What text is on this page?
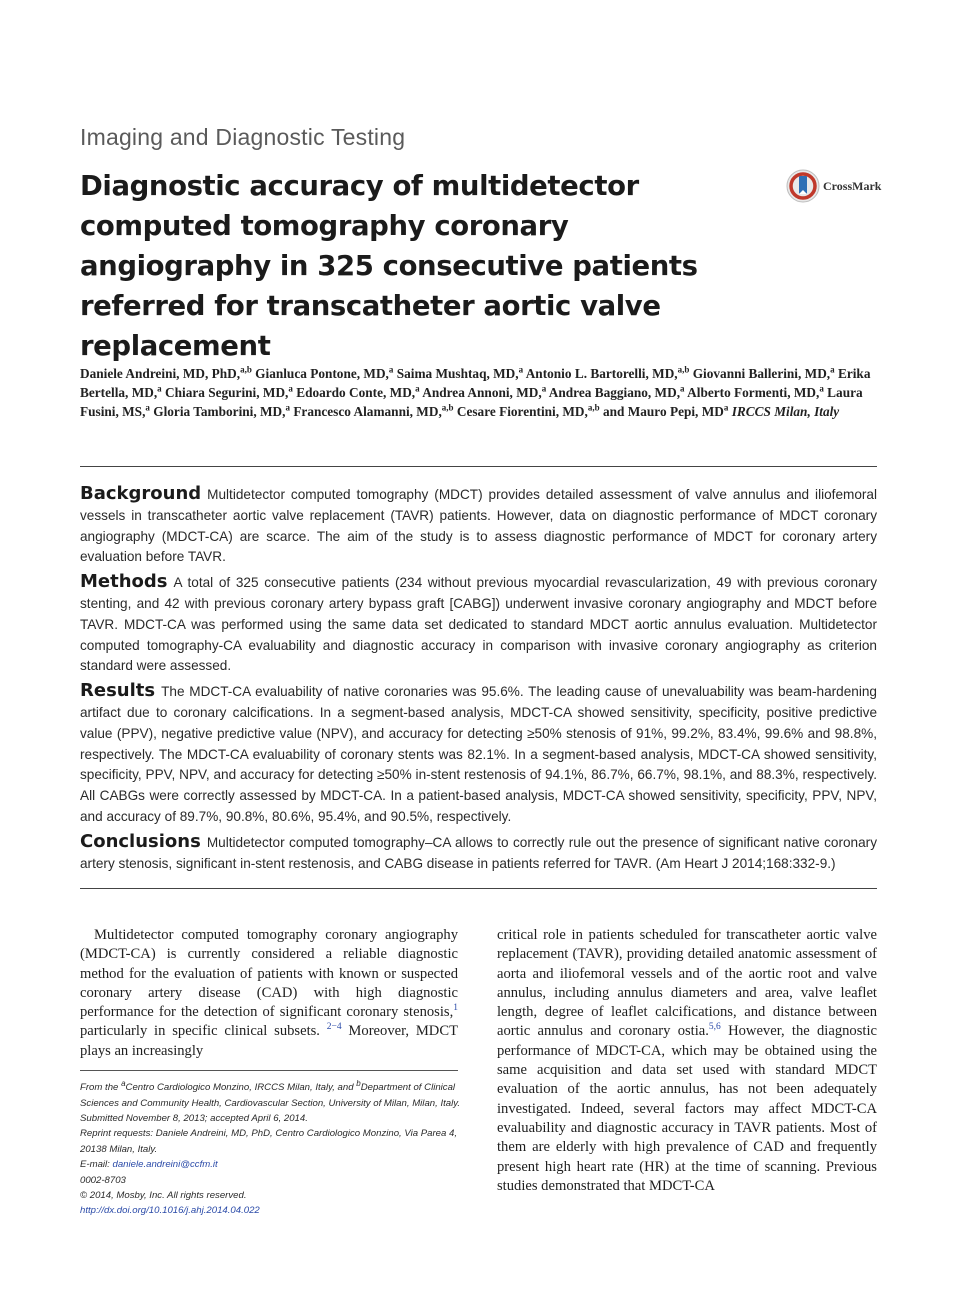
Imaging and Diagnostic Testing
Diagnostic accuracy of multidetector computed tomography coronary angiography in 325 consecutive patients referred for transcatheter aortic valve replacement
CrossMark
Daniele Andreini, MD, PhD,$^{a,b}$ Gianluca Pontone, MD,$^a$ Saima Mushtaq, MD,$^a$ Antonio L. Bartorelli, MD,$^{a,b}$ Giovanni Ballerini, MD,$^a$ Erika Bertella, MD,$^a$ Chiara Segurini, MD,$^a$ Edoardo Conte, MD,$^a$ Andrea Annoni, MD,$^a$ Andrea Baggiano, MD,$^a$ Alberto Formenti, MD,$^a$ Laura Fusini, MS,$^a$ Gloria Tamborini, MD,$^a$ Francesco Alamanni, MD,$^{a,b}$ Cesare Fiorentini, MD,$^{a,b}$ and Mauro Pepi, $MD^a$ IRCCS Milan, Italy

Background Multidetector computed tomography (MDCT) provides detailed assessment of valve annulus and iliofemoral vessels in transcatheter aortic valve replacement (TAVR) patients. However, data on diagnostic performance of MDCT coronary angiography (MDCT-CA) are scarce. The aim of the study is to assess diagnostic performance of MDCT for coronary artery evaluation before TAVR.

Methods A total of 325 consecutive patients (234 without previous myocardial revascularization, 49 with previous coronary stenting, and 42 with previous coronary artery bypass graft [CABG]) underwent invasive coronary angiography and MDCT before TAVR. MDCT-CA was performed using the same data set dedicated to standard MDCT aortic annulus evaluation. Multidetector computed tomography-CA evaluability and diagnostic accuracy in comparison with invasive coronary angiography as criterion standard were assessed.

Results The MDCT-CA evaluability of native coronaries was 95.6%. The leading cause of unevaluability was beam-hardening artifact due to coronary calcifications. In a segment-based analysis, MDCT-CA showed sensitivity, specificity, positive predictive value (PPV), negative predictive value (NPV), and accuracy for detecting ≥50% stenosis of 91%, 99.2%, 83.4%, 99.6% and 98.8%, respectively. The MDCT-CA evaluability of coronary stents was 82.1%. In a segment-based analysis, MDCT-CA showed sensitivity, specificity, PPV, NPV, and accuracy for detecting ≥50% in-stent restenosis of 94.1%, 86.7%, 66.7%, 98.1%, and 88.3%, respectively. All CABGs were correctly assessed by MDCT-CA. In a patient-based analysis, MDCT-CA showed sensitivity, specificity, PPV, NPV, and accuracy of 89.7%, 90.8%, 80.6%, 95.4%, and 90.5%, respectively.

Conclusions Multidetector computed tomography–CA allows to correctly rule out the presence of significant native coronary artery stenosis, significant in-stent restenosis, and CABG disease in patients referred for TAVR. (Am Heart J 2014;168:332-9.)

Multidetector computed tomography coronary angiography (MDCT-CA) is currently considered a reliable diagnostic method for the evaluation of patients with known or suspected coronary artery disease (CAD) with high diagnostic performance for the detection of significant coronary stenosis,$^1$ particularly in specific clinical subsets. $^{2-4}$ Moreover, MDCT plays an increasingly

From the $^a$Centro Cardiologico Monzino, IRCCS Milan, Italy, and $^b$Department of Clinical Sciences and Community Health, Cardiovascular Section, University of Milan, Milan, Italy.
Submitted November 8, 2013; accepted April 6, 2014.
Reprint requests: Daniele Andreini, MD, PhD, Centro Cardiologico Monzino, Via Parea 4, 20138 Milan, Italy.
E-mail: daniele.andreini@ccfm.it
0002-8703
© 2014, Mosby, Inc. All rights reserved.
http://dx.doi.org/10.1016/j.ahj.2014.04.022

critical role in patients scheduled for transcatheter aortic valve replacement (TAVR), providing detailed anatomic assessment of aorta and iliofemoral vessels and of the aortic root and valve annulus, including annulus diameters and area, valve leaflet length, degree of leaflet calcifications, and distance between aortic annulus and coronary ostia.$^{5,6}$ However, the diagnostic performance of MDCT-CA, which may be obtained using the same acquisition and data set used with standard MDCT evaluation of the aortic annulus, has not been adequately investigated. Indeed, several factors may affect MDCT-CA evaluability and diagnostic accuracy in TAVR patients. Most of them are elderly with high prevalence of CAD and frequently present high heart rate (HR) at the time of scanning. Previous studies demonstrated that MDCT-CA
